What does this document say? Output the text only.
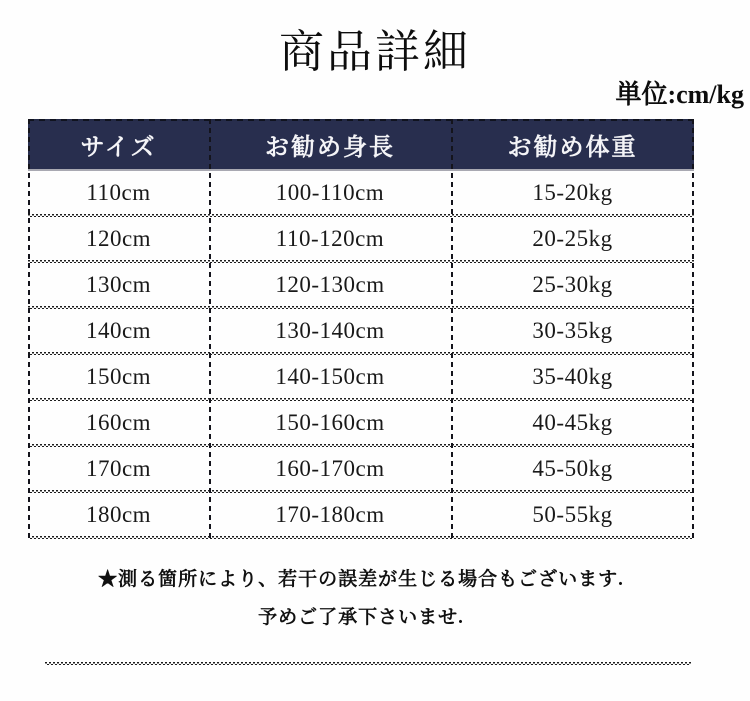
商品詳細
単位:cm/kg
サイズ	お勧め身長	お勧め体重
110cm	100-110cm	15-20kg
120cm	110-120cm	20-25kg
130cm	120-130cm	25-30kg
140cm	130-140cm	30-35kg
150cm	140-150cm	35-40kg
160cm	150-160cm	40-45kg
170cm	160-170cm	45-50kg
180cm	170-180cm	50-55kg
★測る箇所により、若干の誤差が生じる場合もございます.
予めご了承下さいませ.
